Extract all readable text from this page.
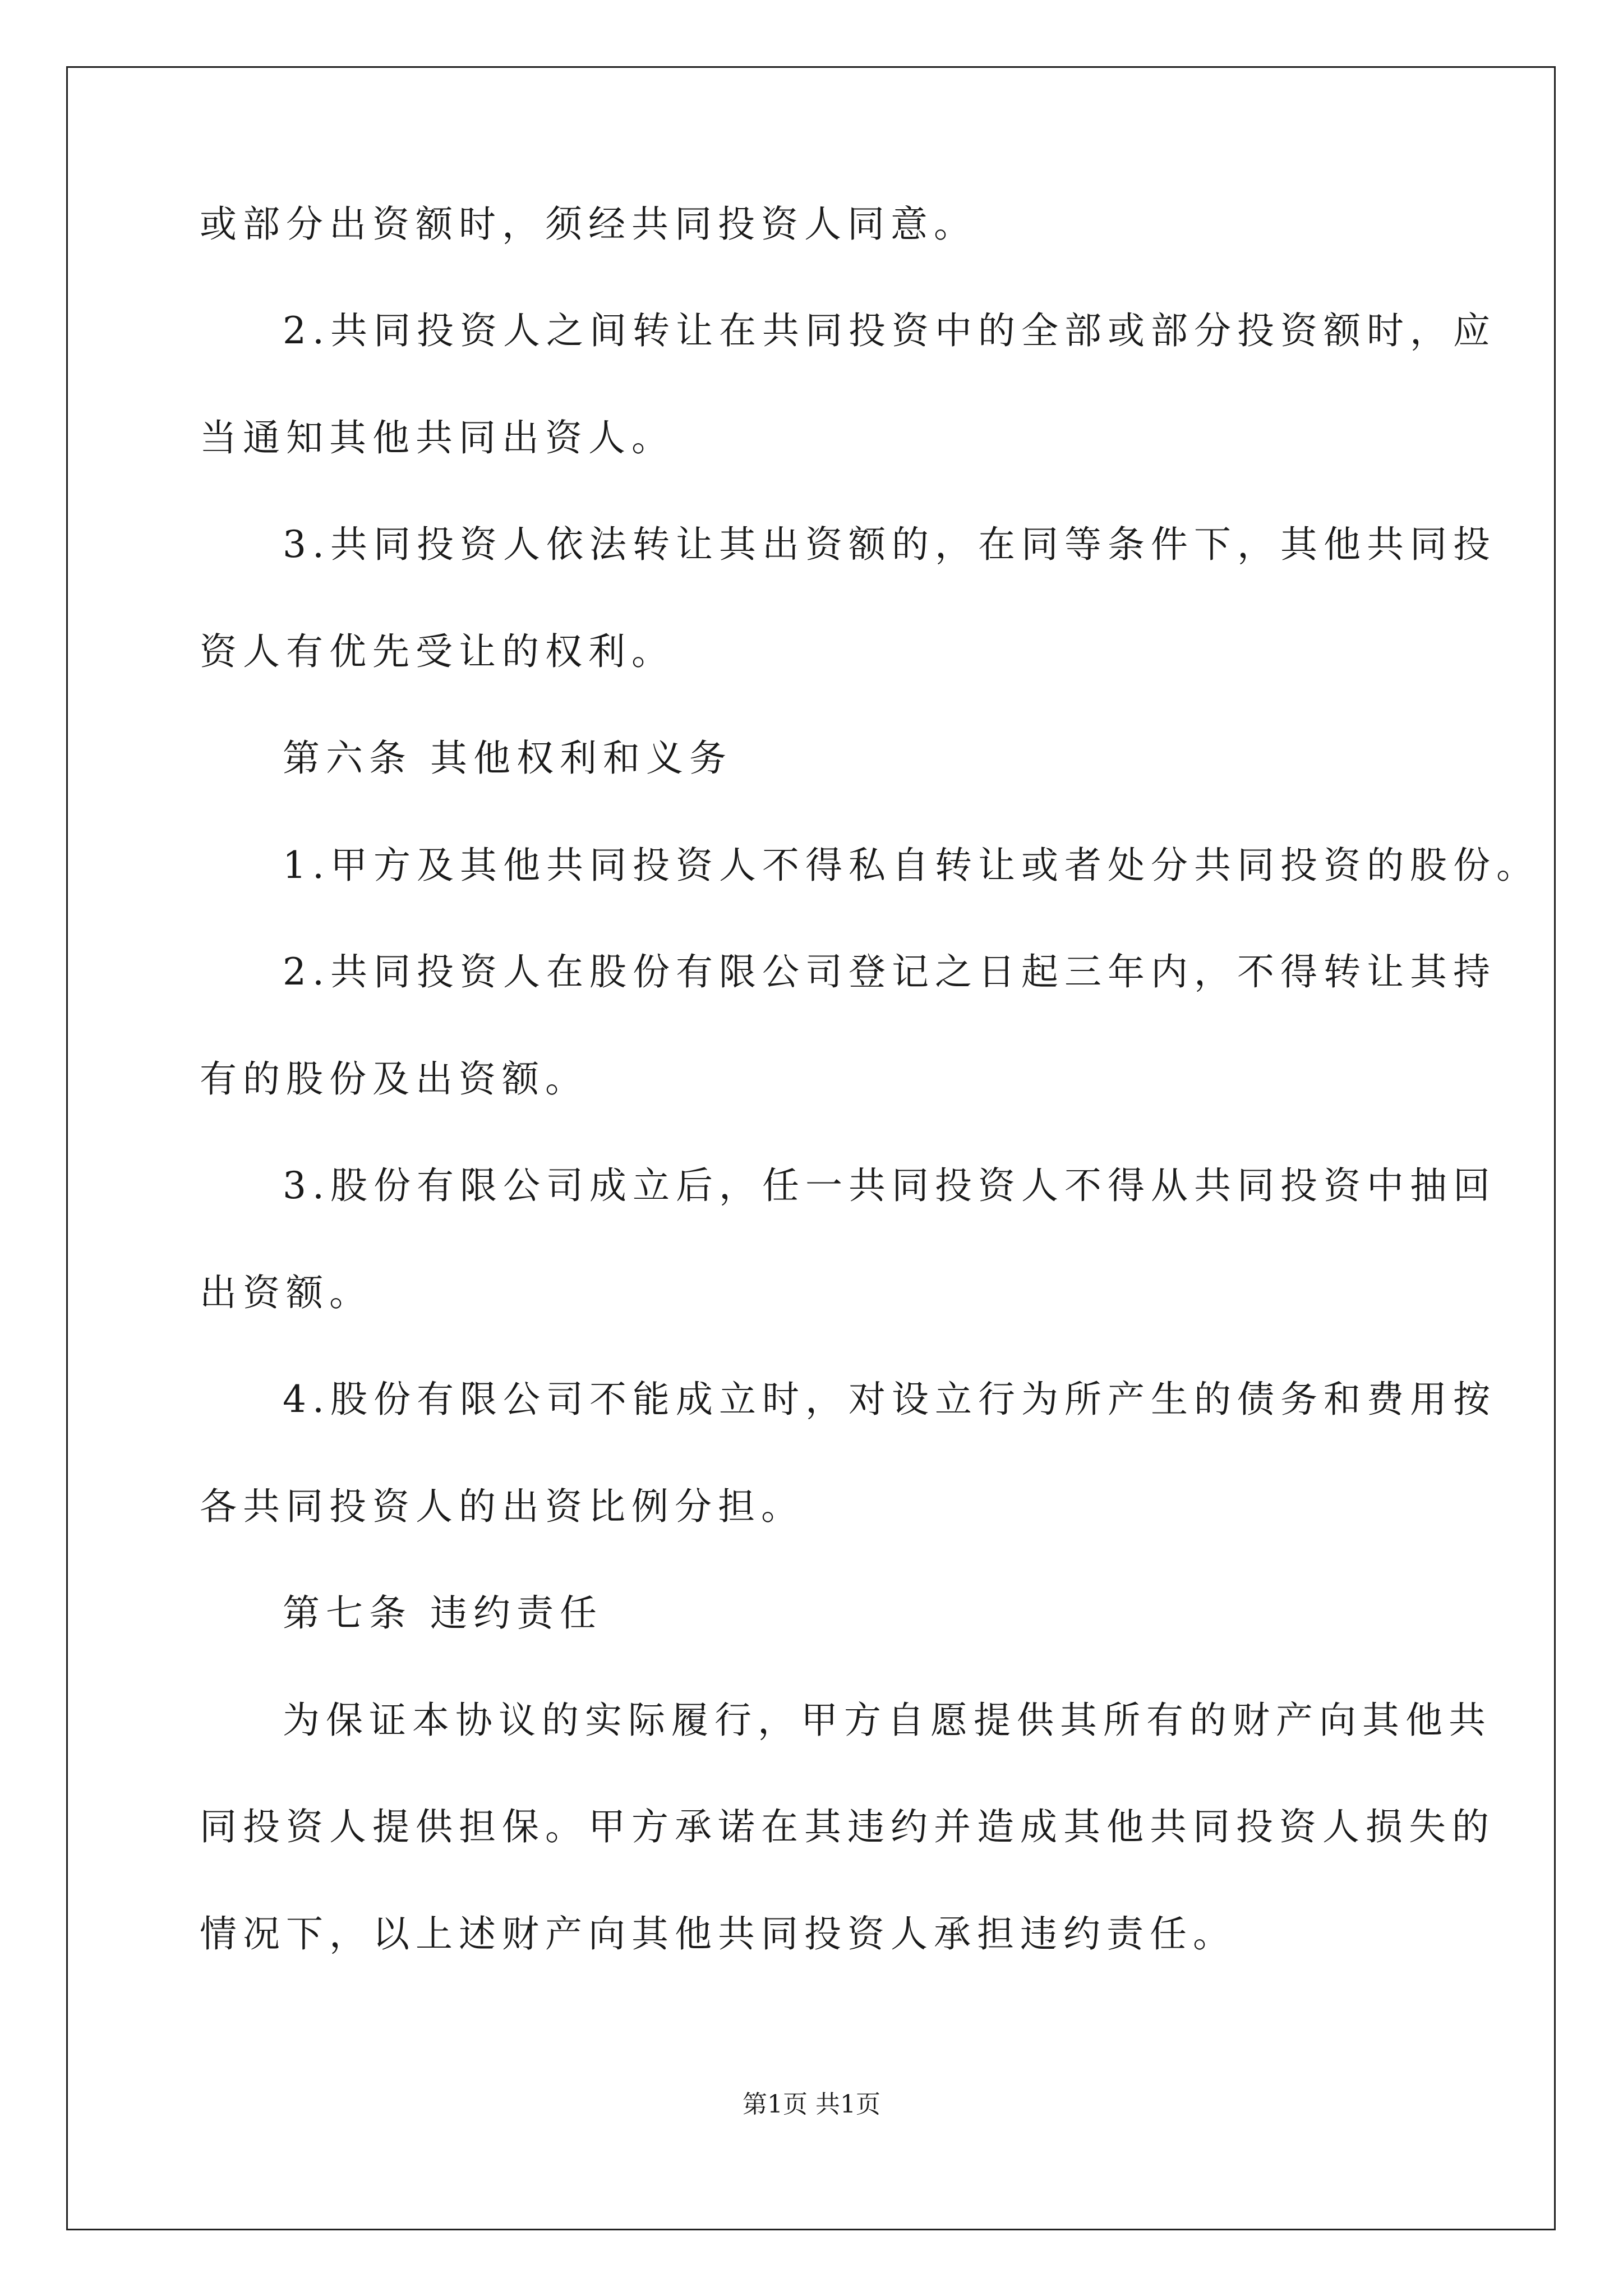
或部分出资额时，须经共同投资人同意。
2.共同投资人之间转让在共同投资中的全部或部分投资额时，应
当通知其他共同出资人。
3.共同投资人依法转让其出资额的，在同等条件下，其他共同投
资人有优先受让的权利。
第六条 其他权利和义务
1.甲方及其他共同投资人不得私自转让或者处分共同投资的股份。
2.共同投资人在股份有限公司登记之日起三年内，不得转让其持
有的股份及出资额。
3.股份有限公司成立后，任一共同投资人不得从共同投资中抽回
出资额。
4.股份有限公司不能成立时，对设立行为所产生的债务和费用按
各共同投资人的出资比例分担。
第七条 违约责任
为保证本协议的实际履行，甲方自愿提供其所有的财产向其他共
同投资人提供担保。甲方承诺在其违约并造成其他共同投资人损失的
情况下，以上述财产向其他共同投资人承担违约责任。
第1页 共1页
